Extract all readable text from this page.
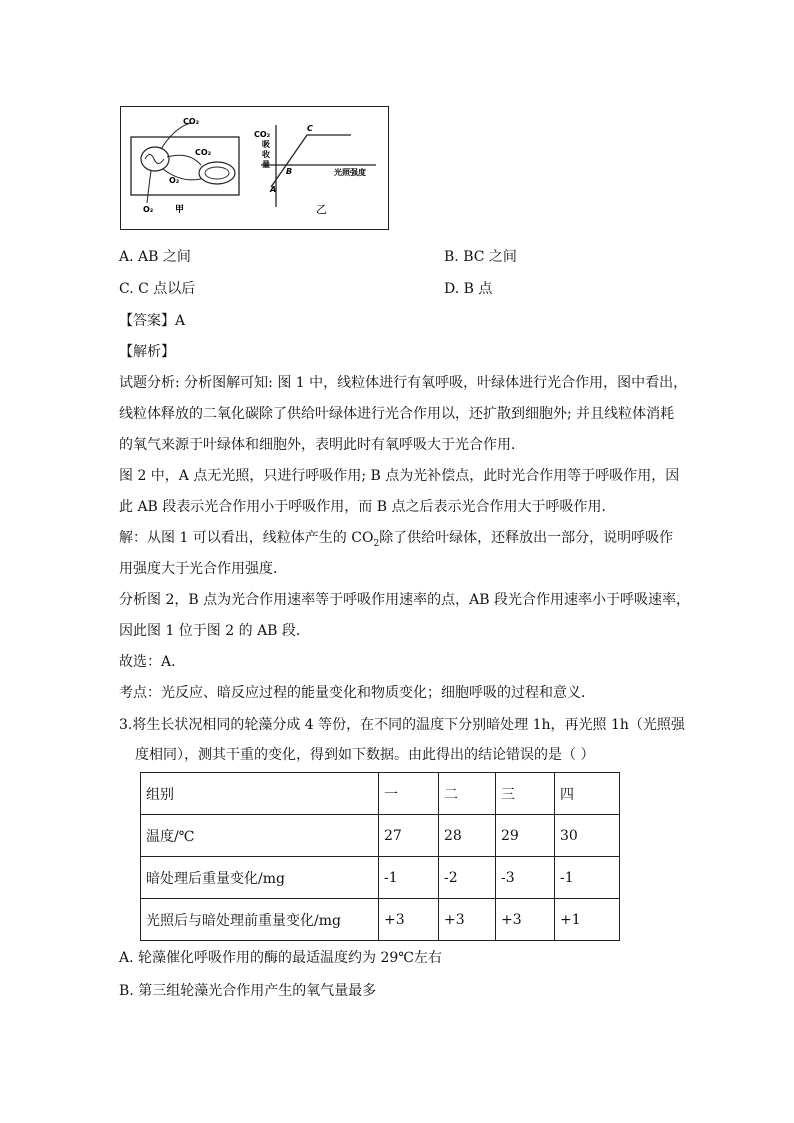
CO₂
CO₂
O₂
O₂ 甲
CO₂
吸
收
量
光照强度
A
B
C
乙
A. AB 之间	B. BC 之间
C. C 点以后	D. B 点
【答案】A
【解析】
试题分析: 分析图解可知: 图 1 中，线粒体进行有氧呼吸，叶绿体进行光合作用，图中看出，
线粒体释放的二氧化碳除了供给叶绿体进行光合作用以，还扩散到细胞外; 并且线粒体消耗
的氧气来源于叶绿体和细胞外，表明此时有氧呼吸大于光合作用．
图 2 中，A 点无光照，只进行呼吸作用; B 点为光补偿点，此时光合作用等于呼吸作用，因
此 AB 段表示光合作用小于呼吸作用，而 B 点之后表示光合作用大于呼吸作用．
解：从图 1 可以看出，线粒体产生的 $CO_2$除了供给叶绿体，还释放出一部分，说明呼吸作
用强度大于光合作用强度．
分析图 2，B 点为光合作用速率等于呼吸作用速率的点，AB 段光合作用速率小于呼吸速率，
因此图 1 位于图 2 的 AB 段．
故选：A．
考点：光反应、暗反应过程的能量变化和物质变化；细胞呼吸的过程和意义．
3.将生长状况相同的轮藻分成 4 等份，在不同的温度下分别暗处理 1h，再光照 1h（光照强
度相同），测其干重的变化，得到如下数据。由此得出的结论错误的是（ ）
组别	一	二	三	四
温度/℃	27	28	29	30
暗处理后重量变化/mg	-1	-2	-3	-1
光照后与暗处理前重量变化/mg	+3	+3	+3	+1
A. 轮藻催化呼吸作用的酶的最适温度约为 29℃左右
B. 第三组轮藻光合作用产生的氧气量最多
